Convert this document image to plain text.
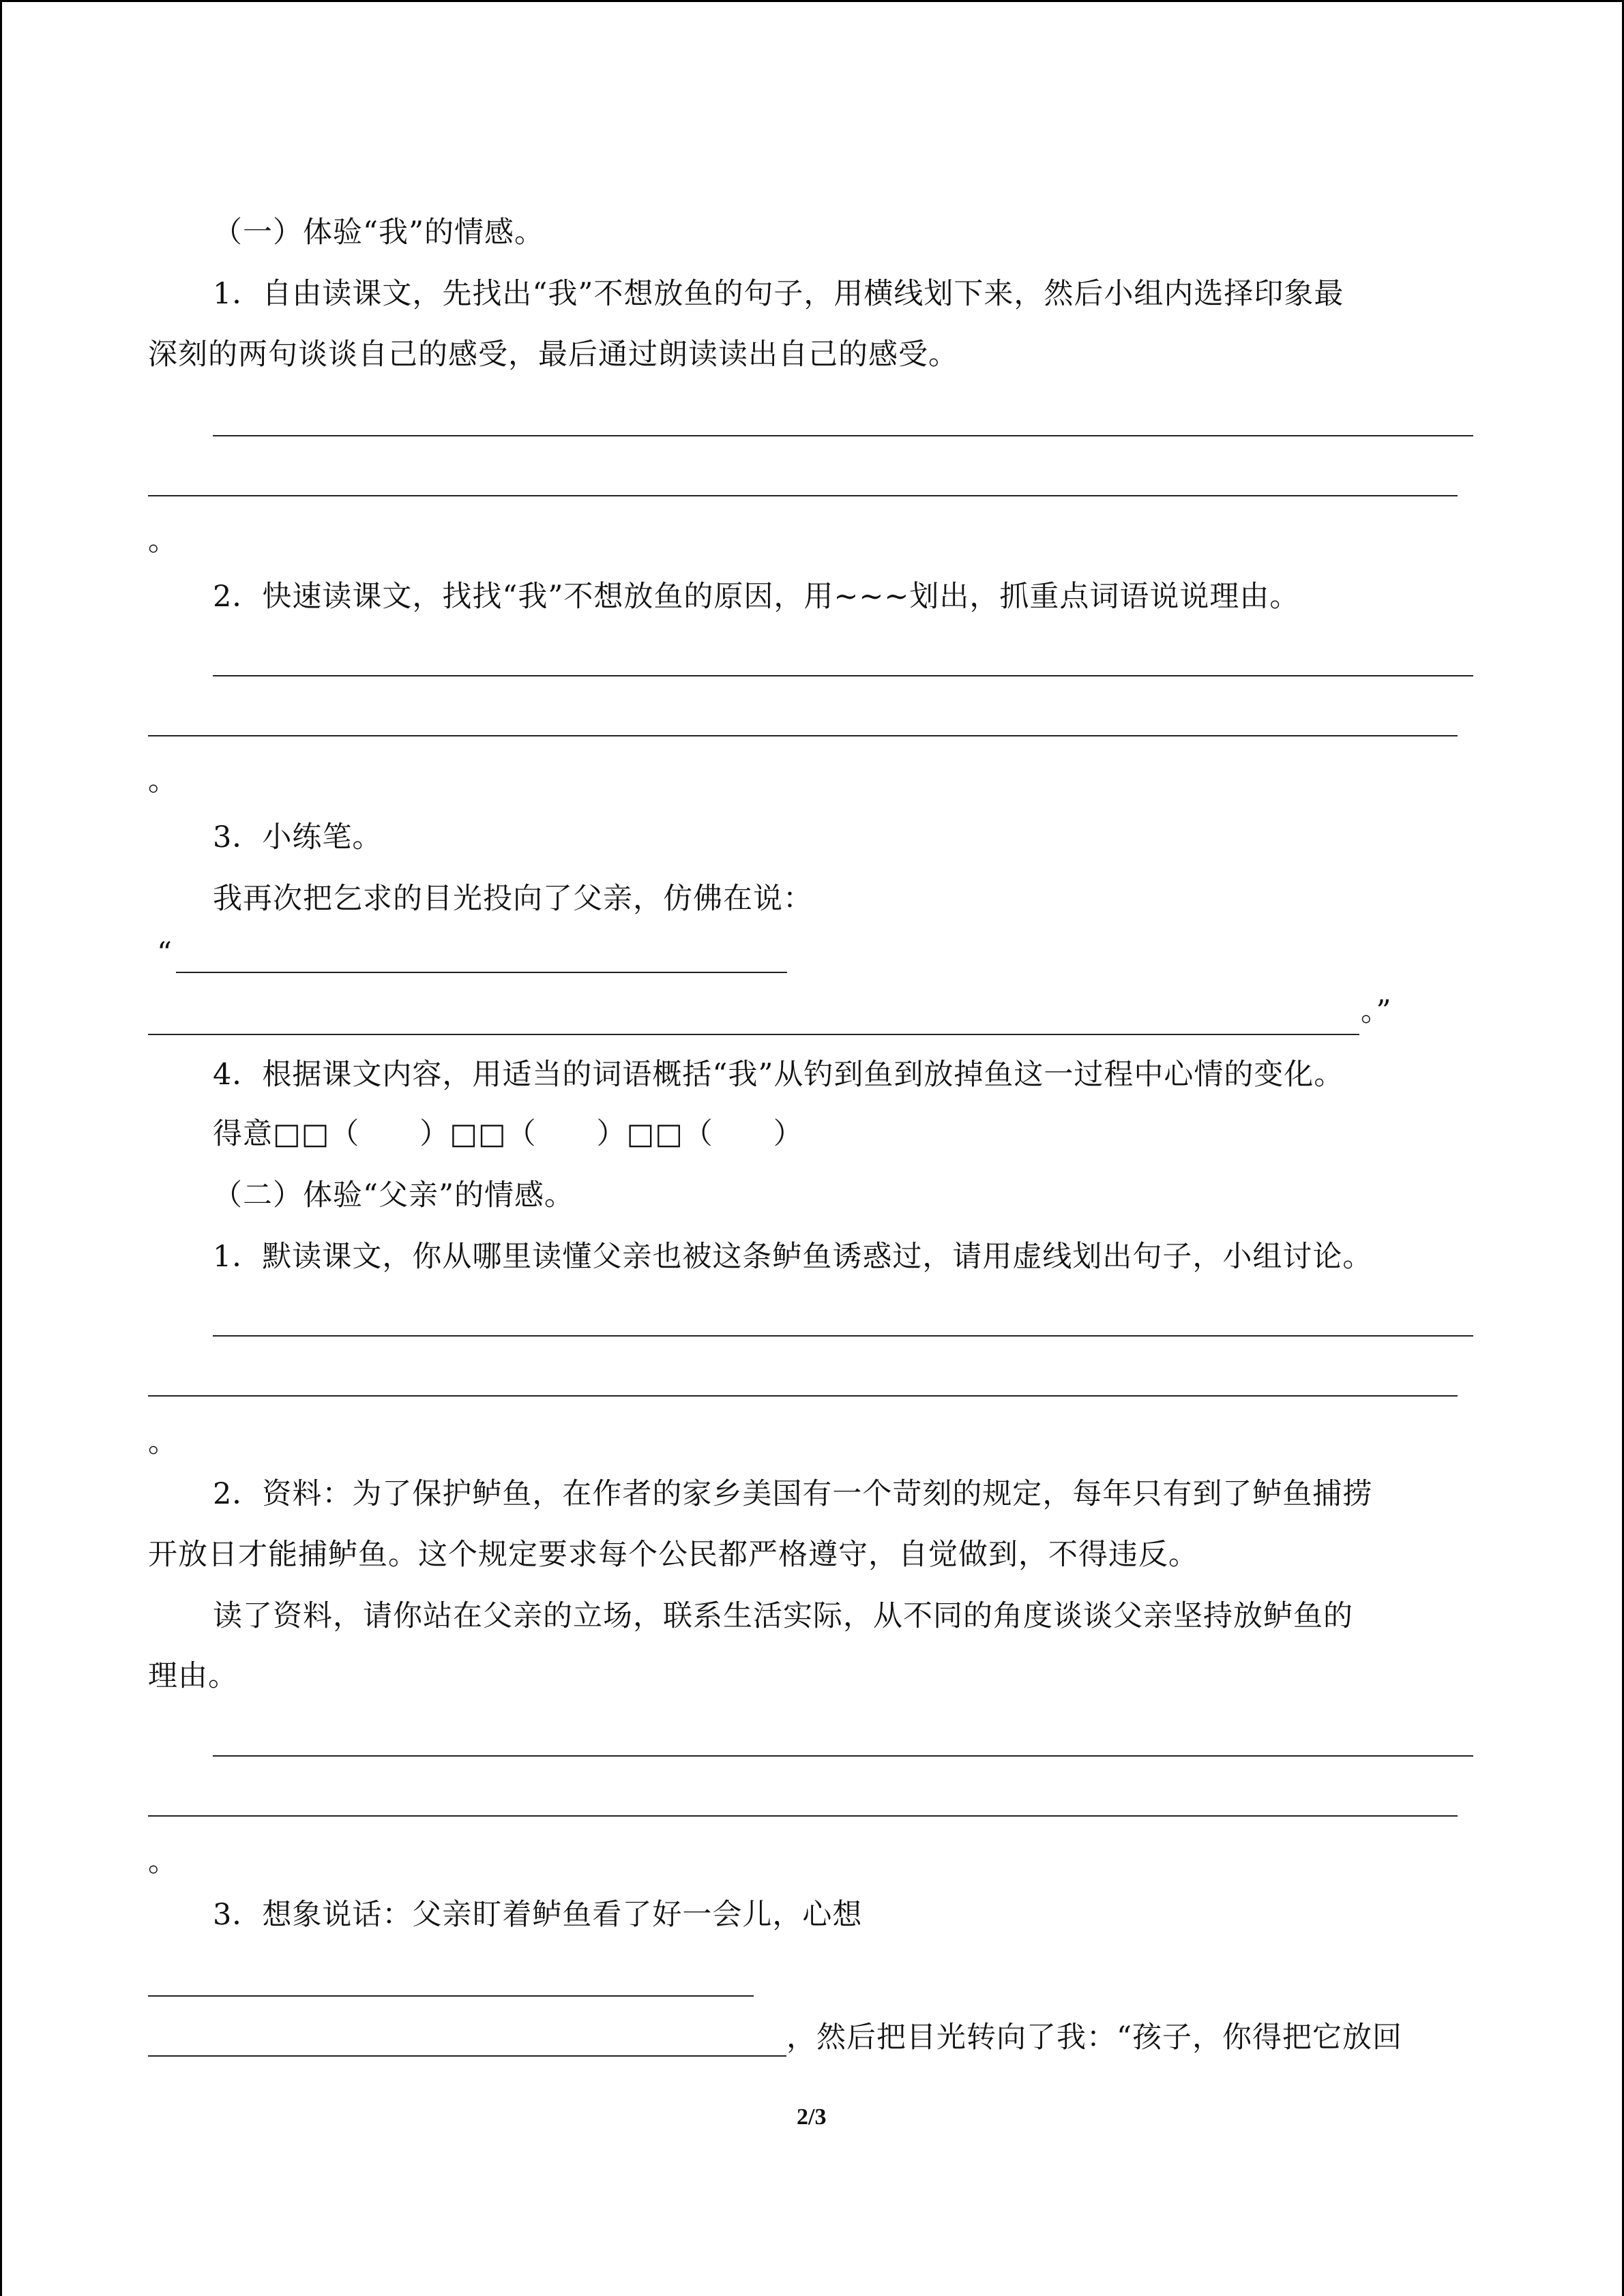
（一）体验“我”的情感。
1．自由读课文，先找出“我”不想放鱼的句子，用横线划下来，然后小组内选择印象最
深刻的两句谈谈自己的感受，最后通过朗读读出自己的感受。
。
2．快速读课文，找找“我”不想放鱼的原因，用~~~划出，抓重点词语说说理由。
。
3．小练笔。
我再次把乞求的目光投向了父亲，仿佛在说：
“
。”
4．根据课文内容，用适当的词语概括“我”从钓到鱼到放掉鱼这一过程中心情的变化。
得意□□（　　）□□（　　）□□（　　）
（二）体验“父亲”的情感。
1．默读课文，你从哪里读懂父亲也被这条鲈鱼诱惑过，请用虚线划出句子，小组讨论。
。
2．资料：为了保护鲈鱼，在作者的家乡美国有一个苛刻的规定，每年只有到了鲈鱼捕捞
开放日才能捕鲈鱼。这个规定要求每个公民都严格遵守，自觉做到，不得违反。
读了资料，请你站在父亲的立场，联系生活实际，从不同的角度谈谈父亲坚持放鲈鱼的
理由。
。
3．想象说话：父亲盯着鲈鱼看了好一会儿，心想
，然后把目光转向了我：“孩子，你得把它放回
2/3
